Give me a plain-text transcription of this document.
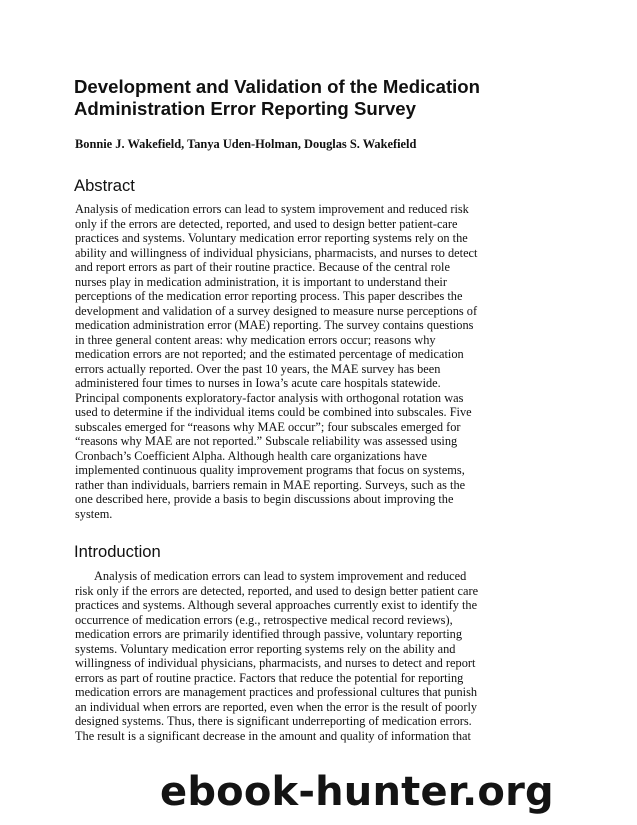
Development and Validation of the Medication
Administration Error Reporting Survey

Bonnie J. Wakefield, Tanya Uden-Holman, Douglas S. Wakefield

Abstract

Analysis of medication errors can lead to system improvement and reduced risk
only if the errors are detected, reported, and used to design better patient-care
practices and systems. Voluntary medication error reporting systems rely on the
ability and willingness of individual physicians, pharmacists, and nurses to detect
and report errors as part of their routine practice. Because of the central role
nurses play in medication administration, it is important to understand their
perceptions of the medication error reporting process. This paper describes the
development and validation of a survey designed to measure nurse perceptions of
medication administration error (MAE) reporting. The survey contains questions
in three general content areas: why medication errors occur; reasons why
medication errors are not reported; and the estimated percentage of medication
errors actually reported. Over the past 10 years, the MAE survey has been
administered four times to nurses in Iowa’s acute care hospitals statewide.
Principal components exploratory-factor analysis with orthogonal rotation was
used to determine if the individual items could be combined into subscales. Five
subscales emerged for “reasons why MAE occur”; four subscales emerged for
“reasons why MAE are not reported.” Subscale reliability was assessed using
Cronbach’s Coefficient Alpha. Although health care organizations have
implemented continuous quality improvement programs that focus on systems,
rather than individuals, barriers remain in MAE reporting. Surveys, such as the
one described here, provide a basis to begin discussions about improving the
system.

Introduction

Analysis of medication errors can lead to system improvement and reduced
risk only if the errors are detected, reported, and used to design better patient care
practices and systems. Although several approaches currently exist to identify the
occurrence of medication errors (e.g., retrospective medical record reviews),
medication errors are primarily identified through passive, voluntary reporting
systems. Voluntary medication error reporting systems rely on the ability and
willingness of individual physicians, pharmacists, and nurses to detect and report
errors as part of routine practice. Factors that reduce the potential for reporting
medication errors are management practices and professional cultures that punish
an individual when errors are reported, even when the error is the result of poorly
designed systems. Thus, there is significant underreporting of medication errors.
The result is a significant decrease in the amount and quality of information that

ebook-hunter.org
